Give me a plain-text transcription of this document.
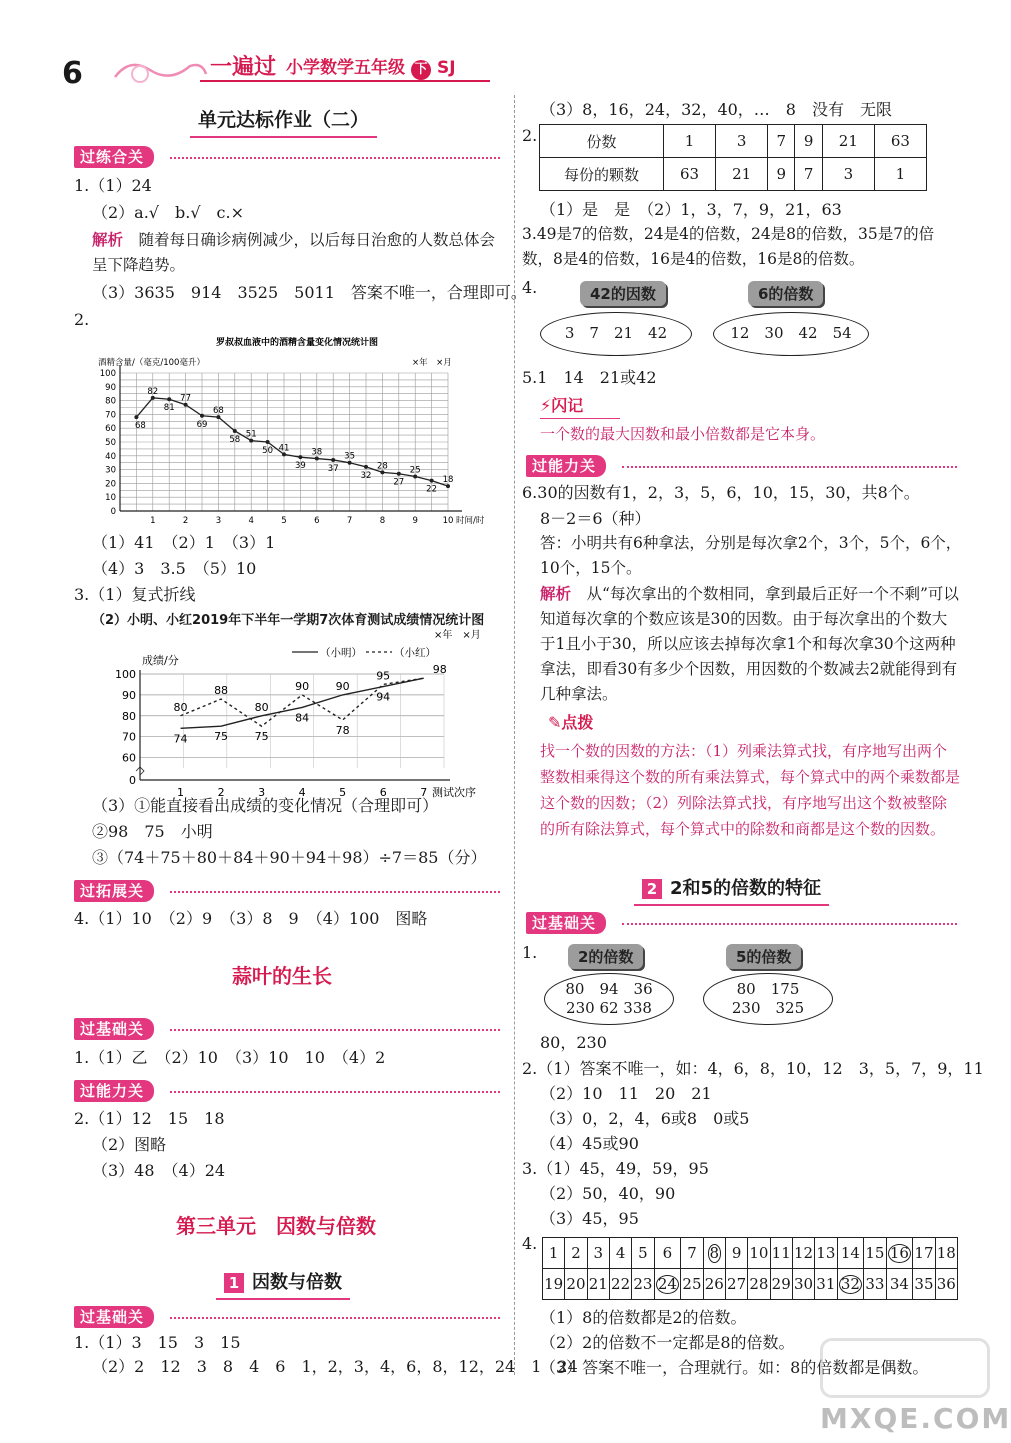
6	一遍过 小学数学五年级 下 SJ
单元达标作业（二）
过练合关
1.（1）24
（2）a.√　b.√　c.×
解析　 随着每日确诊病例减少，以后每日治愈的人数总体会呈下降趋势。
（3）3635　914　3525　5011　答案不唯一，合理即可。
2.
罗叔叔血液中的酒精含量变化情况统计图
酒精含量/（毫克/100毫升）	×年　×月
0
10
20
30
40
50
60
70
80
90
100
1	2	3	4	5	6	7	8	9	10 时间/时
68
82
81
77
69
68
58
51
50 41
39
38
37
35
32
28
27
25
22
18
（1）41　（2）1　（3）1
（4）3　3.5　（5）10
3.（1）复式折线
（2）小明、小红2019年下半年一学期7次体育测试成绩情况统计图
×年　×月
成绩/分
0
60
70
80
90
100
1	2	3	4	5	6	7 测试次序
（小明）	（小红）
74 75
80
84
90
94
80
88
75
90
78
95	98
（3）①能直接看出成绩的变化情况（合理即可）
②98　75　小明
③（74＋75＋80＋84＋90＋94＋98）÷7＝85（分）
过拓展关
4.（1）10　（2）9　（3）8　9　（4）100　图略
蒜叶的生长
过基础关
1.（1）乙　（2）10　（3）10　10　（4）2
过能力关
2.（1）12　15　18
（2）图略
（3）48　（4）24
第三单元　因数与倍数
1 因数与倍数
过基础关
1.（1）3　15　3　15
（2）2　12　3　8　4　6　1，2，3，4，6，8，12，24　1　24
（3）8，16，24，32，40，…　8　没有　无限
2.	份数	1	3	7	9	21	63
每份的颗数	63	21	9	7	3	1
（1）是　是　（2）1，3，7，9，21，63
3.49是7的倍数，24是4的倍数，24是8的倍数，35是7的倍数，8是4的倍数，16是4的倍数，16是8的倍数。
4.	42的因数
3　7　21　42
6的倍数
12　30　42　54
5.1　14　21或42
⚡闪记
一个数的最大因数和最小倍数都是它本身。
过能力关
6.30的因数有1，2，3，5，6，10，15，30，共8个。
8－2＝6（种）
答：小明共有6种拿法，分别是每次拿2个，3个，5个，6个，10个，15个。
解析　 从“每次拿出的个数相同，拿到最后正好一个不剩”可以知道每次拿的个数应该是30的因数。由于每次拿出的个数大于1且小于30，所以应该去掉每次拿1个和每次拿30个这两种拿法，即看30有多少个因数，用因数的个数减去2就能得到有几种拿法。
✎点拨
找一个数的因数的方法：（1）列乘法算式找，有序地写出两个整数相乘得这个数的所有乘法算式，每个算式中的两个乘数都是这个数的因数；（2）列除法算式找，有序地写出这个数被整除的所有除法算式，每个算式中的除数和商都是这个数的因数。
2 2和5的倍数的特征
过基础关
1.	2的倍数
80　94　36
230 62 338
5的倍数
80　175
230　325
80，230
2.（1）答案不唯一，如：4，6，8，10，12　3，5，7，9，11
（2）10　11　20　21
（3）0，2，4，6或8　0或5
（4）45或90
3.（1）45，49，59，95
（2）50，40，90
（3）45，95
4. 1	2	3	4	5	6	7	8	9	10	11	12	13	14	15	16	17	18
19	20	21	22	23	24	25	26	27	28	29	30	31	32	33	34	35	36
（1）8的倍数都是2的倍数。
（2）2的倍数不一定都是8的倍数。
（3）答案不唯一，合理就行。如：8的倍数都是偶数。
MXQE.COM
